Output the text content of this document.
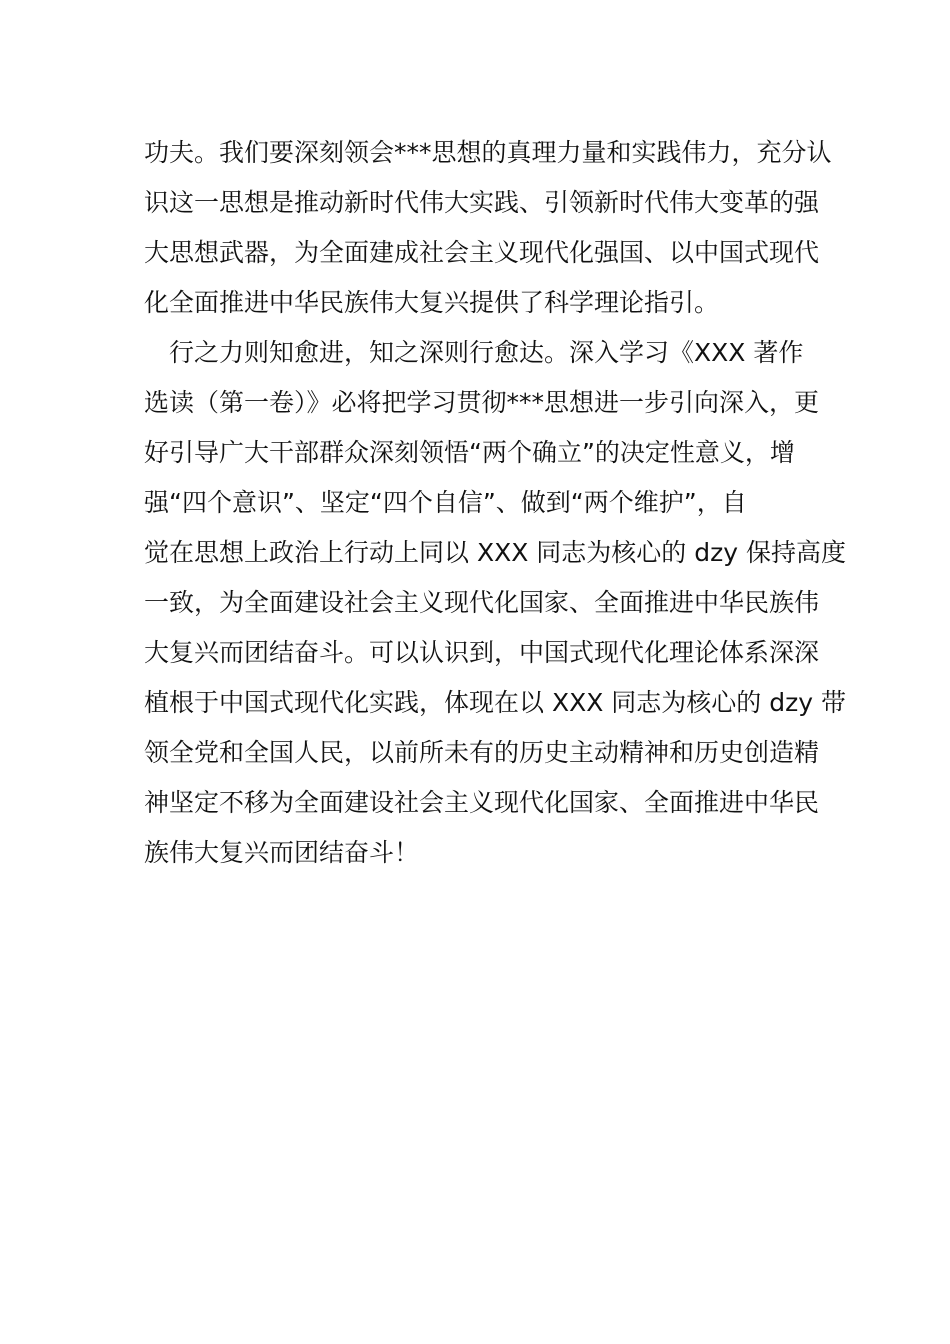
功夫。我们要深刻领会***思想的真理力量和实践伟力，充分认
识这一思想是推动新时代伟大实践、引领新时代伟大变革的强
大思想武器，为全面建成社会主义现代化强国、以中国式现代
化全面推进中华民族伟大复兴提供了科学理论指引。
　行之力则知愈进，知之深则行愈达。深入学习《XXX 著作
选读（第一卷）》必将把学习贯彻***思想进一步引向深入，更
好引导广大干部群众深刻领悟“两个确立”的决定性意义，增
强“四个意识”、坚定“四个自信”、做到“两个维护”，自
觉在思想上政治上行动上同以 XXX 同志为核心的 dzy 保持高度
一致，为全面建设社会主义现代化国家、全面推进中华民族伟
大复兴而团结奋斗。可以认识到，中国式现代化理论体系深深
植根于中国式现代化实践，体现在以 XXX 同志为核心的 dzy 带
领全党和全国人民，以前所未有的历史主动精神和历史创造精
神坚定不移为全面建设社会主义现代化国家、全面推进中华民
族伟大复兴而团结奋斗！
